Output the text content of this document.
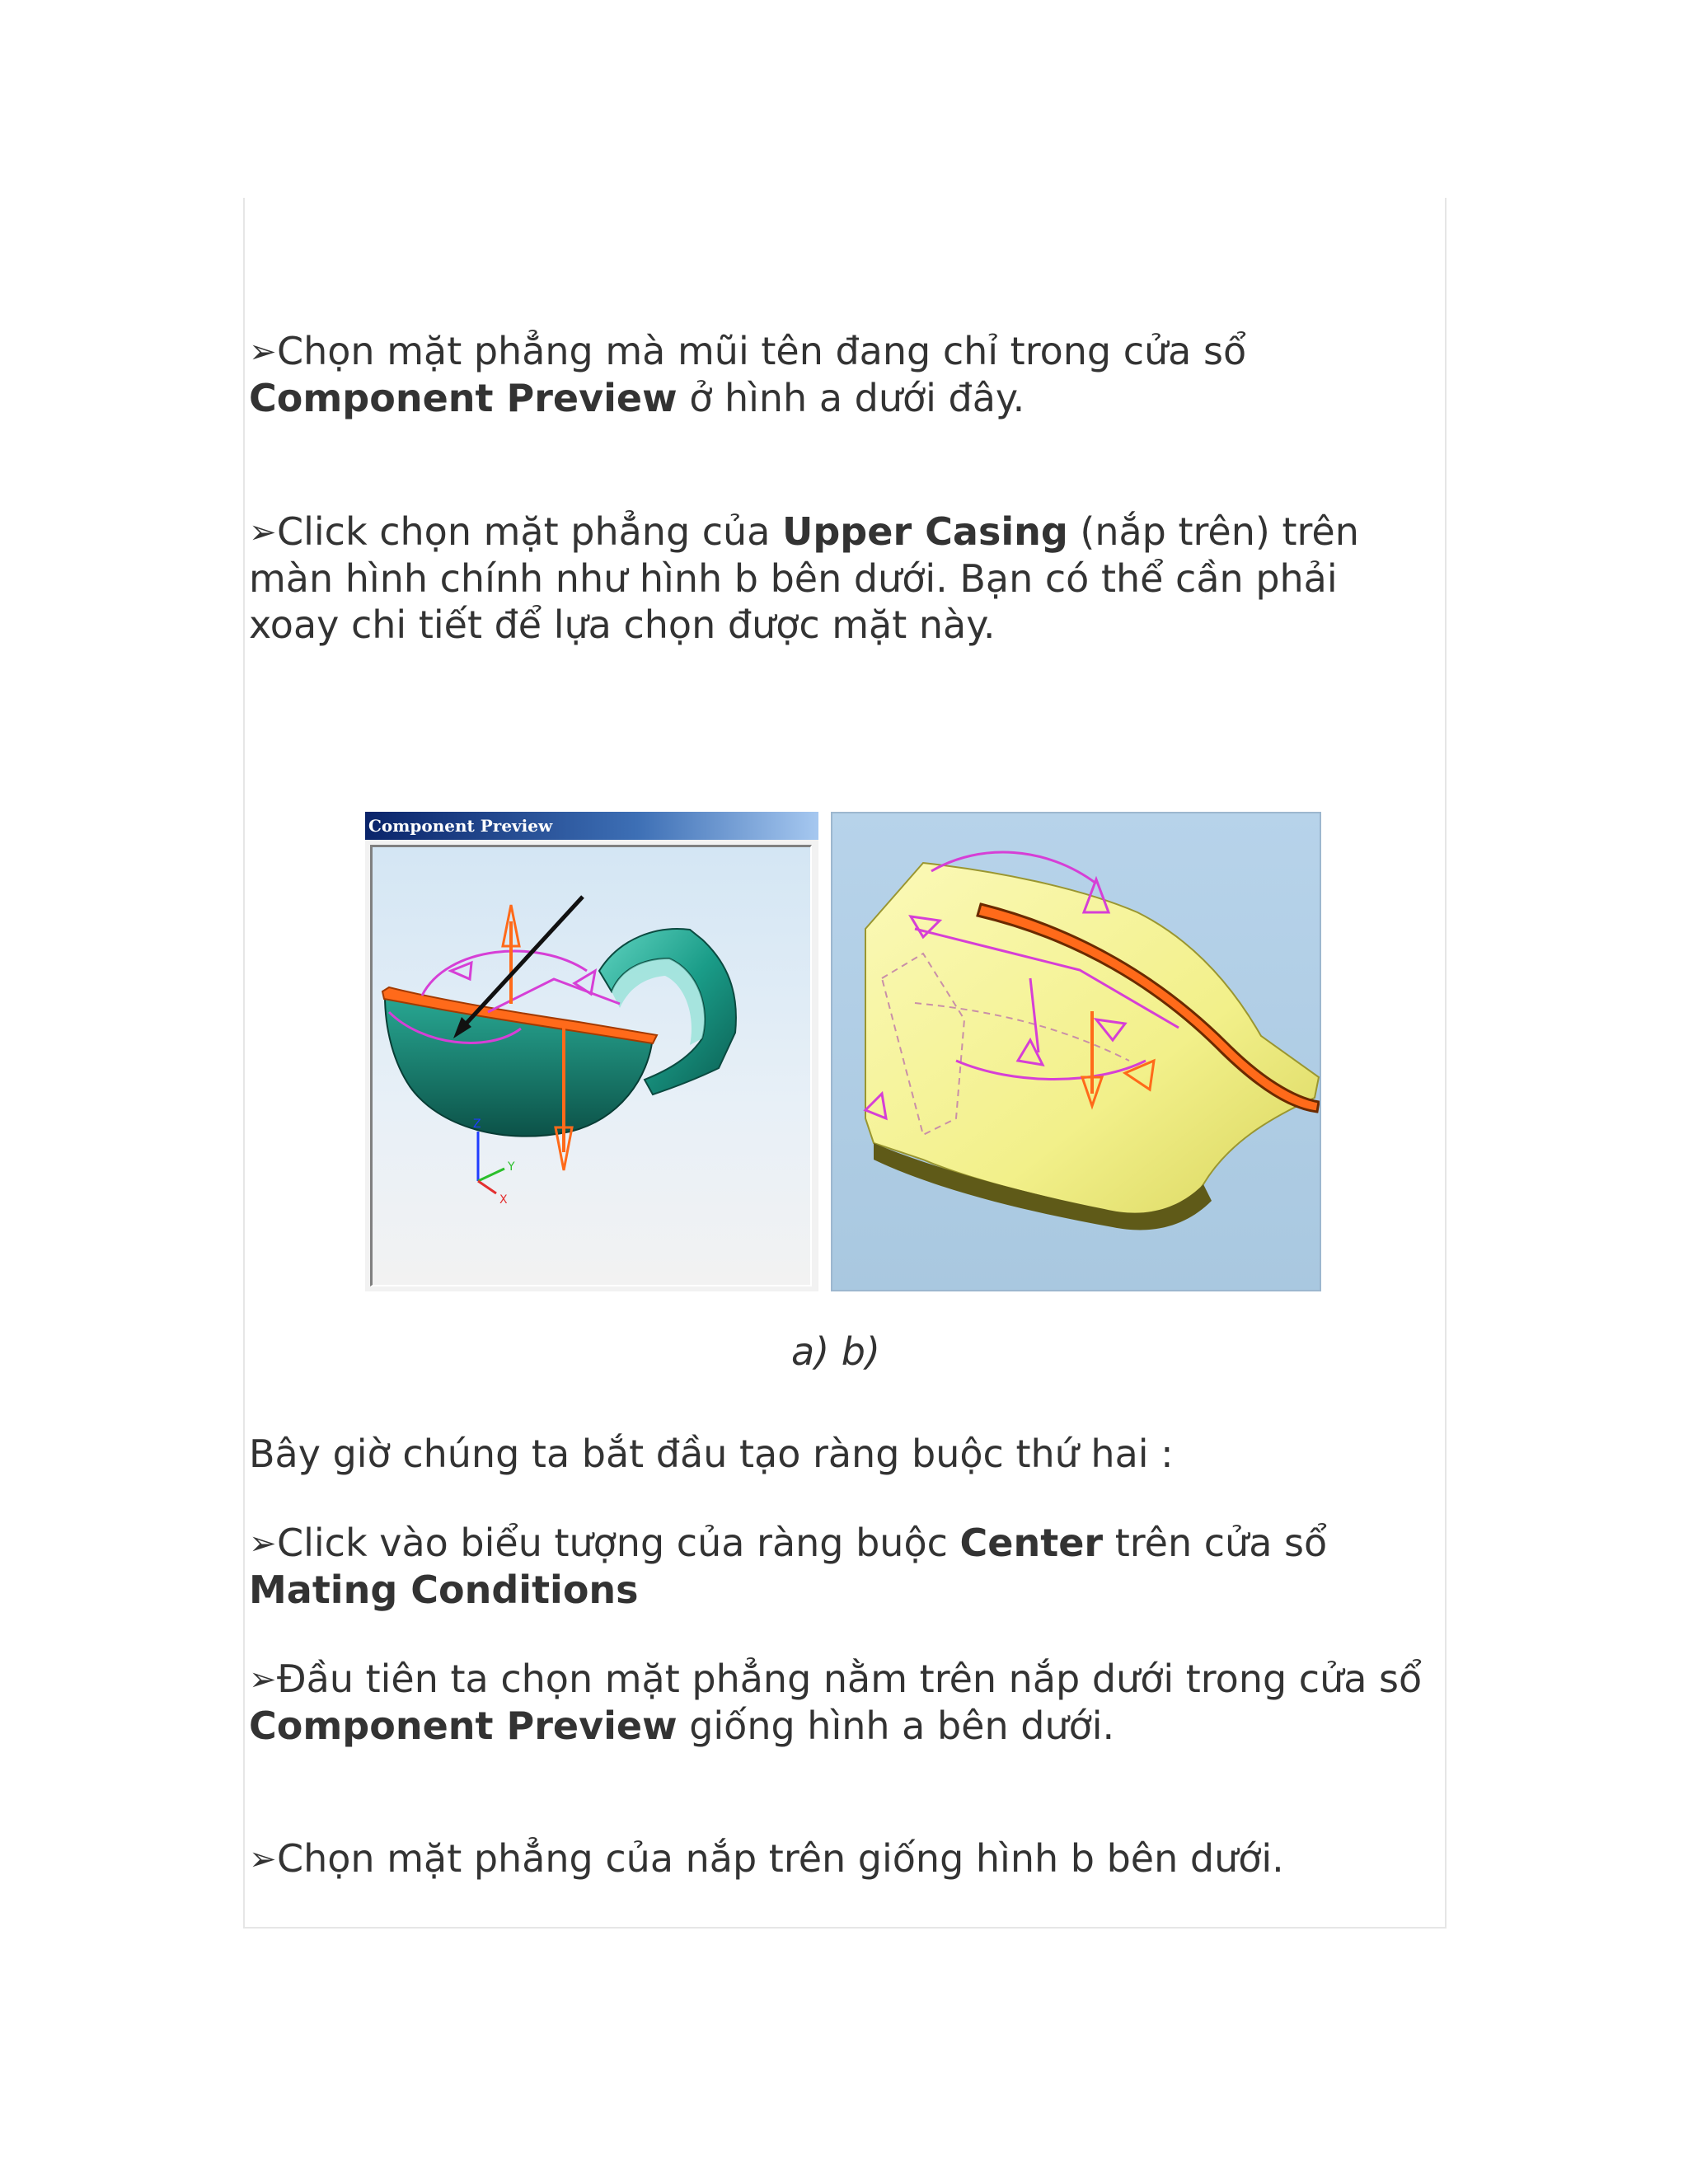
➢Chọn mặt phẳng mà mũi tên đang chỉ trong cửa sổ Component Preview ở hình a dưới đây.

➢Click chọn mặt phẳng của Upper Casing (nắp trên) trên màn hình chính như hình b bên dưới. Bạn có thể cần phải xoay chi tiết để lựa chọn được mặt này.

Component Preview
Z
Y
X
a) b)

Bây giờ chúng ta bắt đầu tạo ràng buộc thứ hai :

➢Click vào biểu tượng của ràng buộc Center trên cửa sổ Mating Conditions

➢Đầu tiên ta chọn mặt phẳng nằm trên nắp dưới trong cửa sổ Component Preview giống hình a bên dưới.

➢Chọn mặt phẳng của nắp trên giống hình b bên dưới.
